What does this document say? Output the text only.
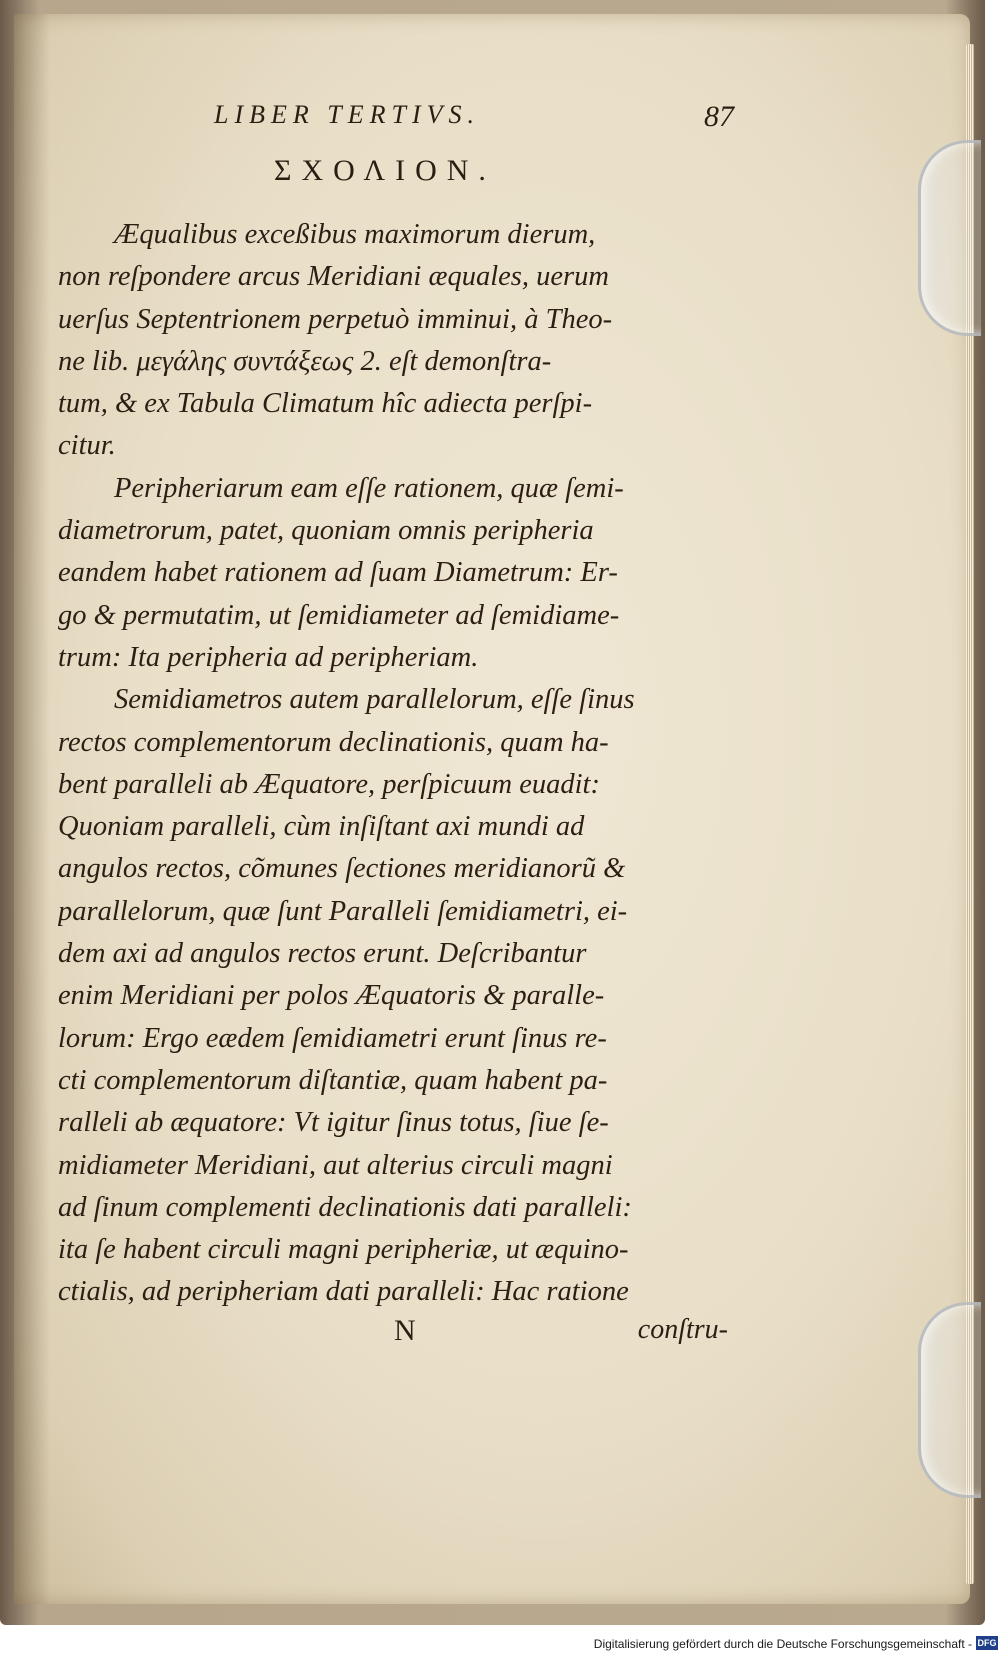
LIBER TERTIVS.	87
ΣΧΟΛΙΟΝ.
Æqualibus exceßibus maximorum dierum,
non reſpondere arcus Meridiani æquales, uerum
uerſus Septentrionem perpetuò imminui, à Theo-
ne lib. μεγάλης συντάξεως 2. eſt demonſtra-
tum, & ex Tabula Climatum hîc adiecta perſpi-
citur.
Peripheriarum eam eſſe rationem, quæ ſemi-
diametrorum, patet, quoniam omnis peripheria
eandem habet rationem ad ſuam Diametrum: Er-
go & permutatim, ut ſemidiameter ad ſemidiame-
trum: Ita peripheria ad peripheriam.
Semidiametros autem parallelorum, eſſe ſinus
rectos complementorum declinationis, quam ha-
bent paralleli ab Æquatore, perſpicuum euadit:
Quoniam paralleli, cùm inſiſtant axi mundi ad
angulos rectos, cõmunes ſectiones meridianorũ &
parallelorum, quæ ſunt Paralleli ſemidiametri, ei-
dem axi ad angulos rectos erunt. Deſcribantur
enim Meridiani per polos Æquatoris & paralle-
lorum: Ergo eædem ſemidiametri erunt ſinus re-
cti complementorum diſtantiæ, quam habent pa-
ralleli ab æquatore: Vt igitur ſinus totus, ſiue ſe-
midiameter Meridiani, aut alterius circuli magni
ad ſinum complementi declinationis dati paralleli:
ita ſe habent circuli magni peripheriæ, ut æquino-
ctialis, ad peripheriam dati paralleli: Hac ratione
N	conſtru-
Digitalisierung gefördert durch die Deutsche Forschungsgemeinschaft - DFG
